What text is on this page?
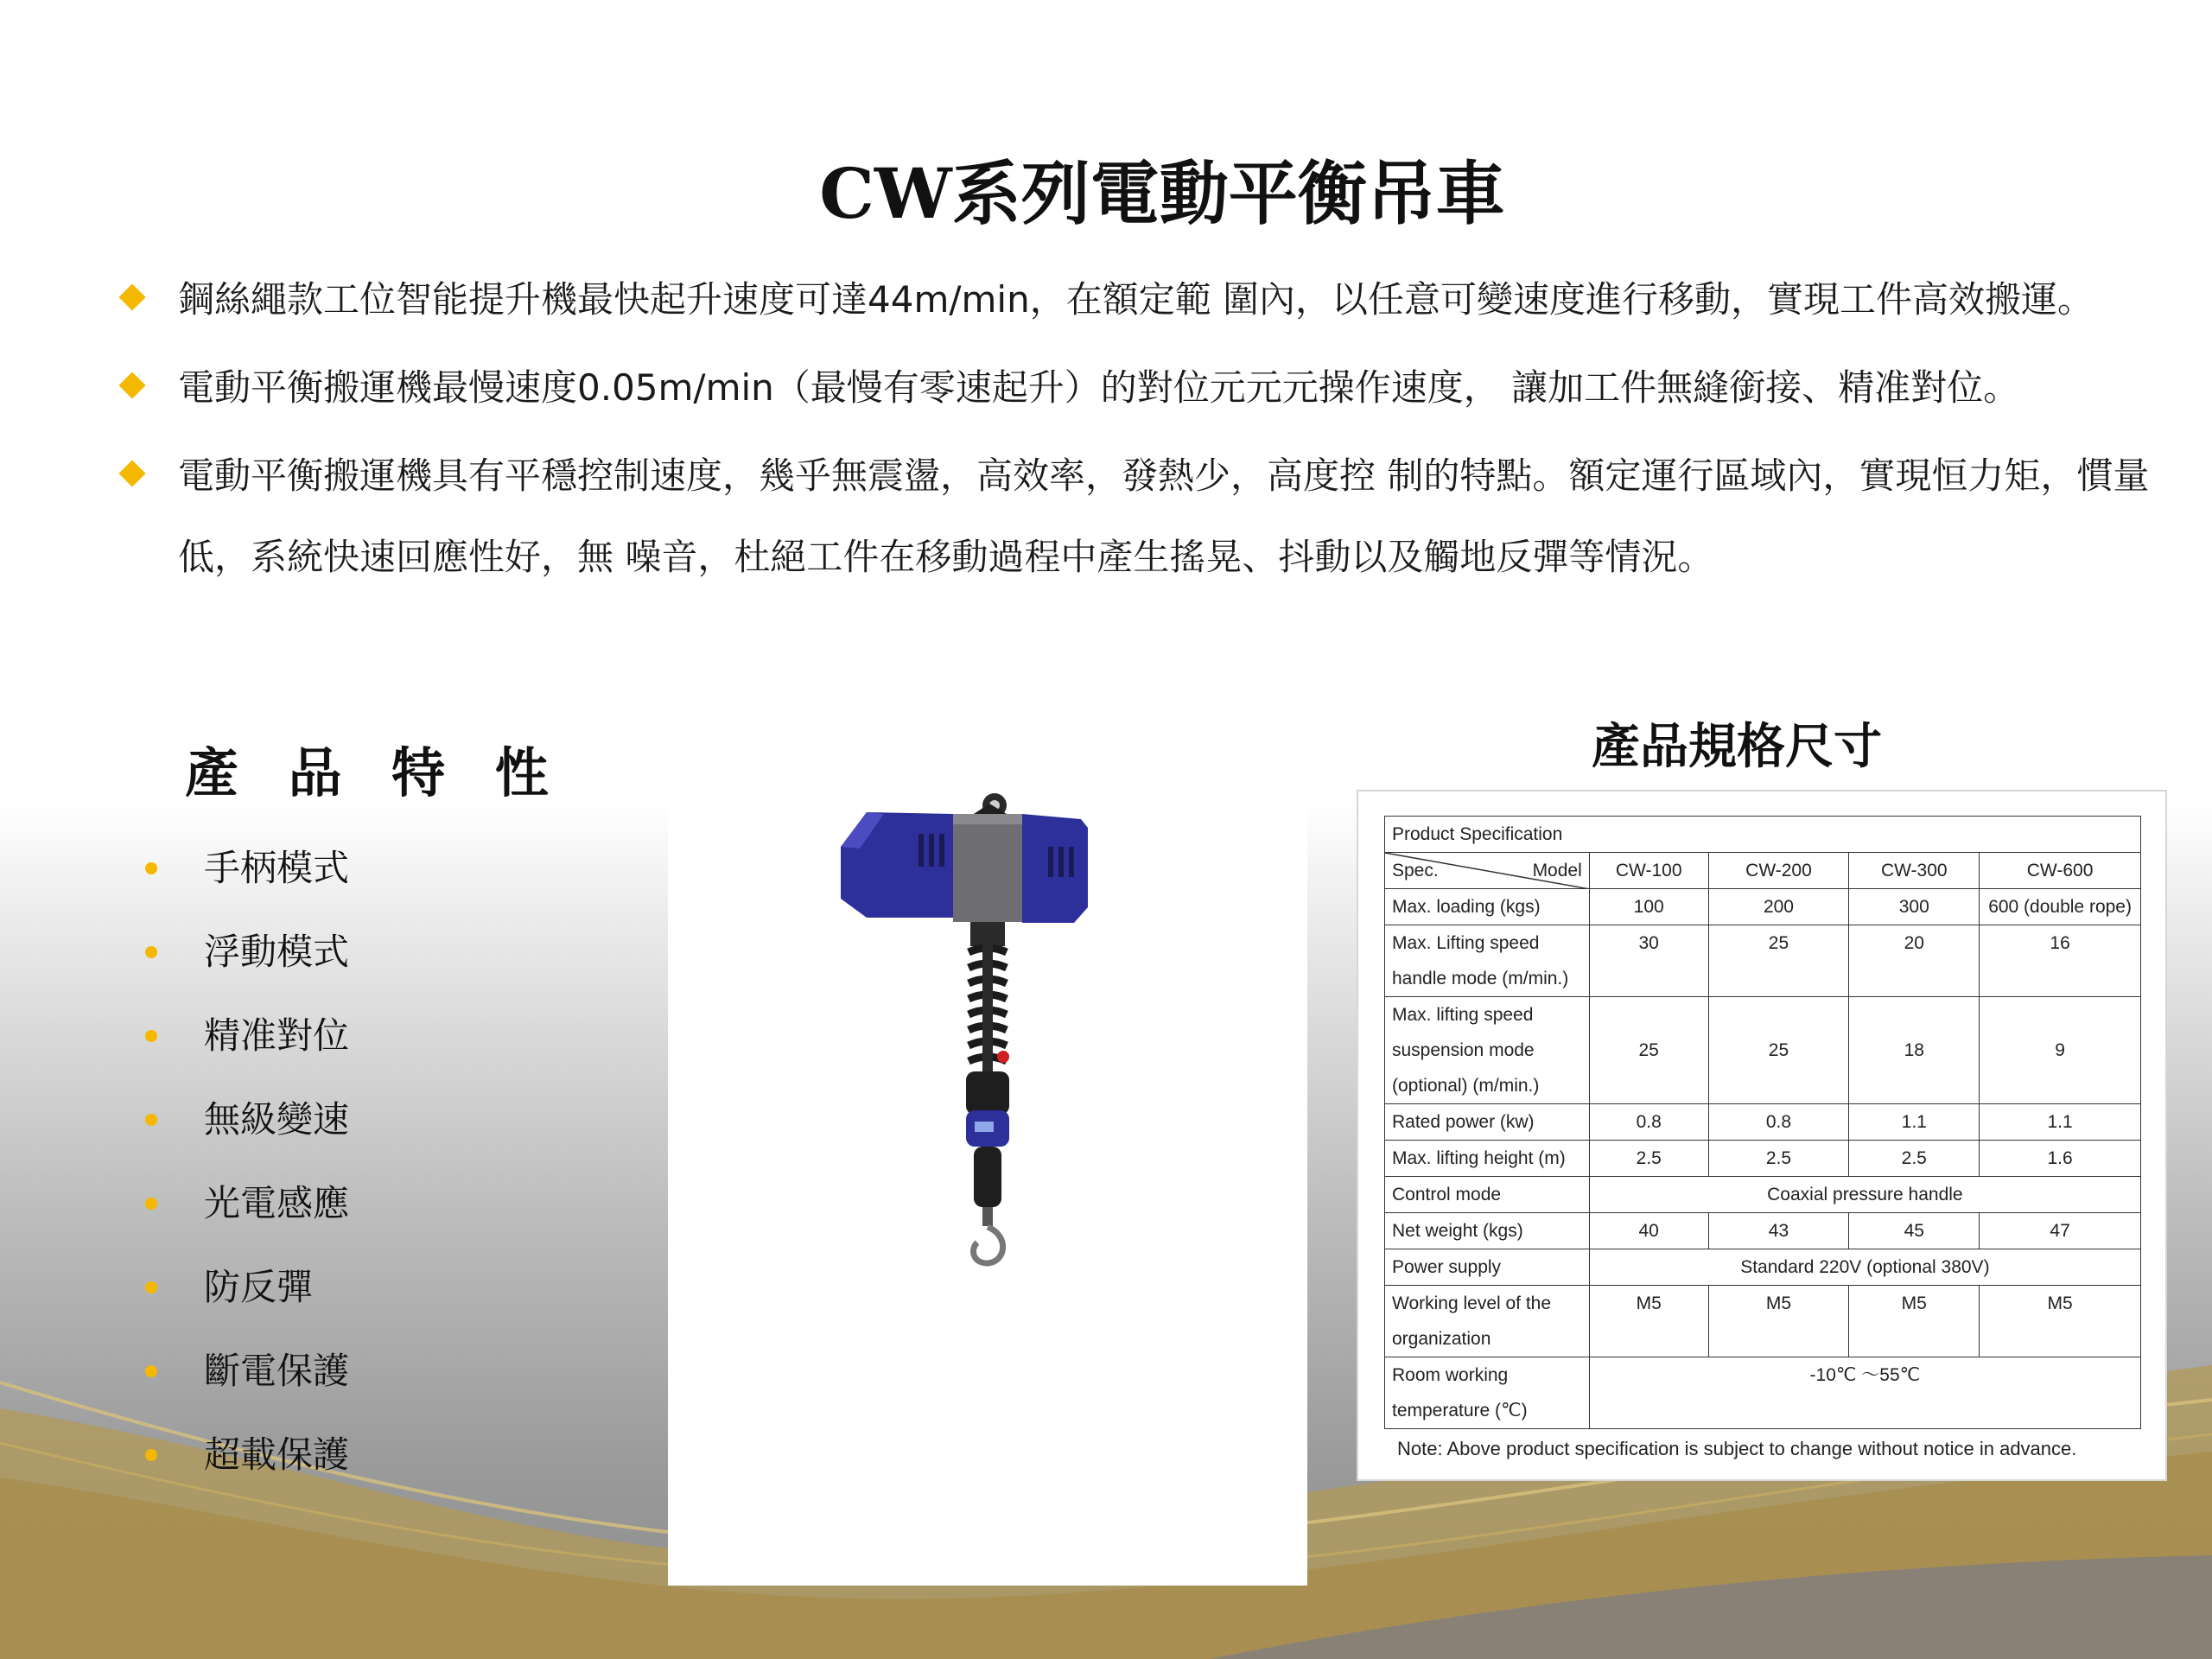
CW系列電動平衡吊車
鋼絲繩款工位智能提升機最快起升速度可達44m/min，在額定範 圍內，以任意可變速度進行移動，實現工件高效搬運。
電動平衡搬運機最慢速度0.05m/min（最慢有零速起升）的對位元元元操作速度， 讓加工件無縫銜接、精准對位。
電動平衡搬運機具有平穩控制速度，幾乎無震盪，高效率，發熱少，高度控 制的特點。額定運行區域內，實現恒力矩，慣量低，系統快速回應性好，無 噪音，杜絕工件在移動過程中產生搖晃、抖動以及觸地反彈等情況。
產 品 特 性
手柄模式
浮動模式
精准對位
無級變速
光電感應
防反彈
斷電保護
超載保護
產品規格尺寸
Product Specification				

Spec. Model	CW-100	CW-200	CW-300	CW-600
Max. loading (kgs)	100	200	300	600 (double rope)

Max. Lifting speed
handle mode (m/min.)	30	25	20	16

Max. lifting speed
suspension mode
(optional) (m/min.)	25	25	18	9
Rated power (kw)	0.8	0.8	1.1	1.1
Max. lifting height (m)	2.5	2.5	2.5	1.6
Control mode	Coaxial pressure handle			
Net weight (kgs)	40	43	45	47
Power supply	Standard 220V (optional 380V)			

Working level of the
organization	M5	M5	M5	M5

Room working
temperature (℃)	-10℃ ～55℃			
Note: Above product specification is subject to change without notice in advance.
